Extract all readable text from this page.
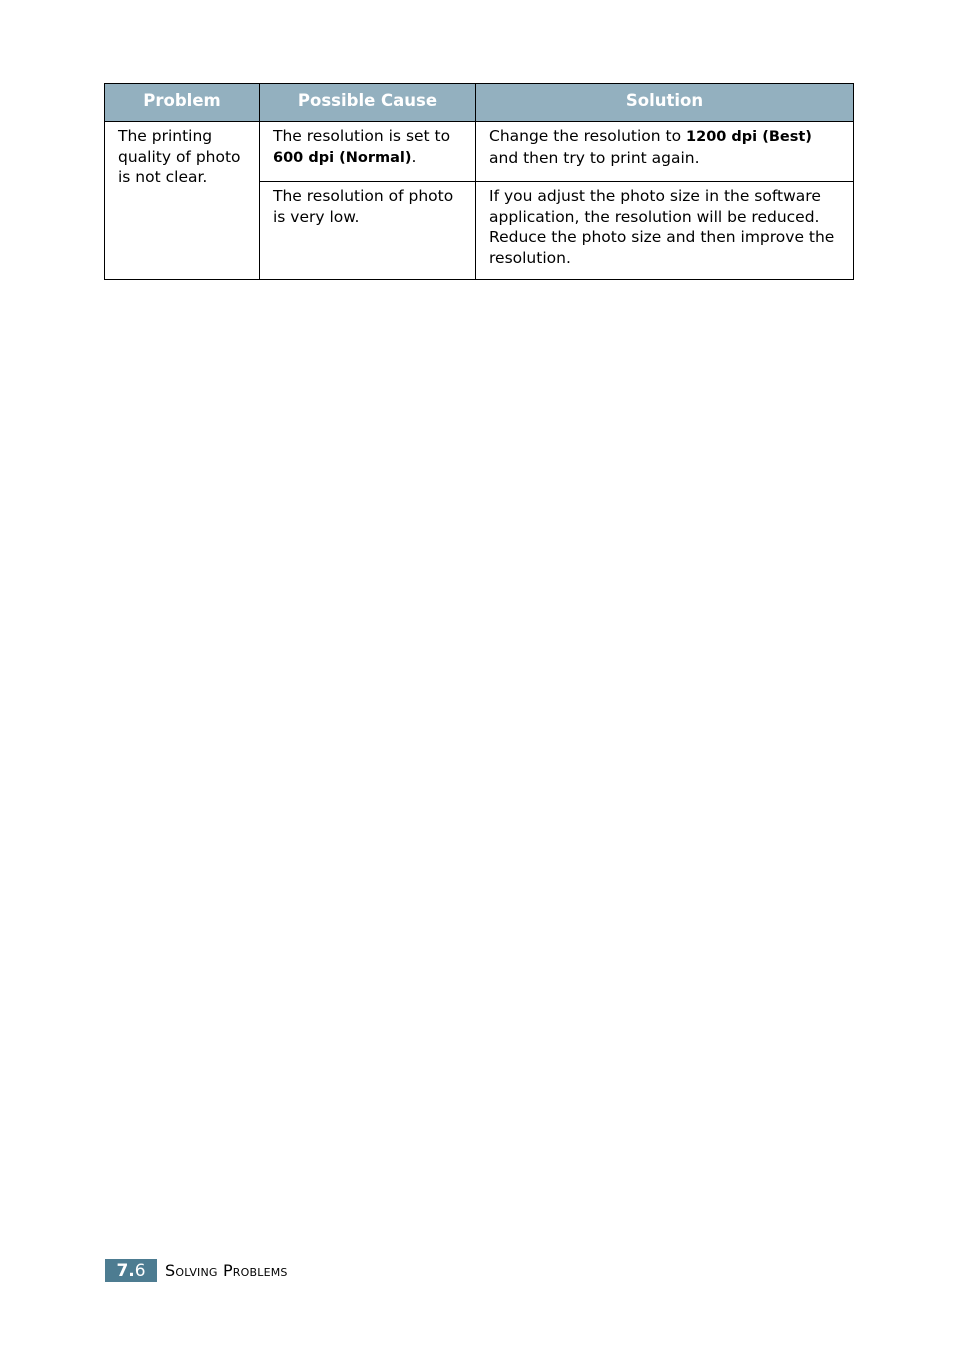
Problem	Possible Cause	Solution
The printing quality of photo is not clear.	The resolution is set to 600 dpi (Normal).	Change the resolution to 1200 dpi (Best) and then try to print again.
	The resolution of photo is very low.	If you adjust the photo size in the software application, the resolution will be reduced. Reduce the photo size and then improve the resolution.
7. 6 Solving Problems
